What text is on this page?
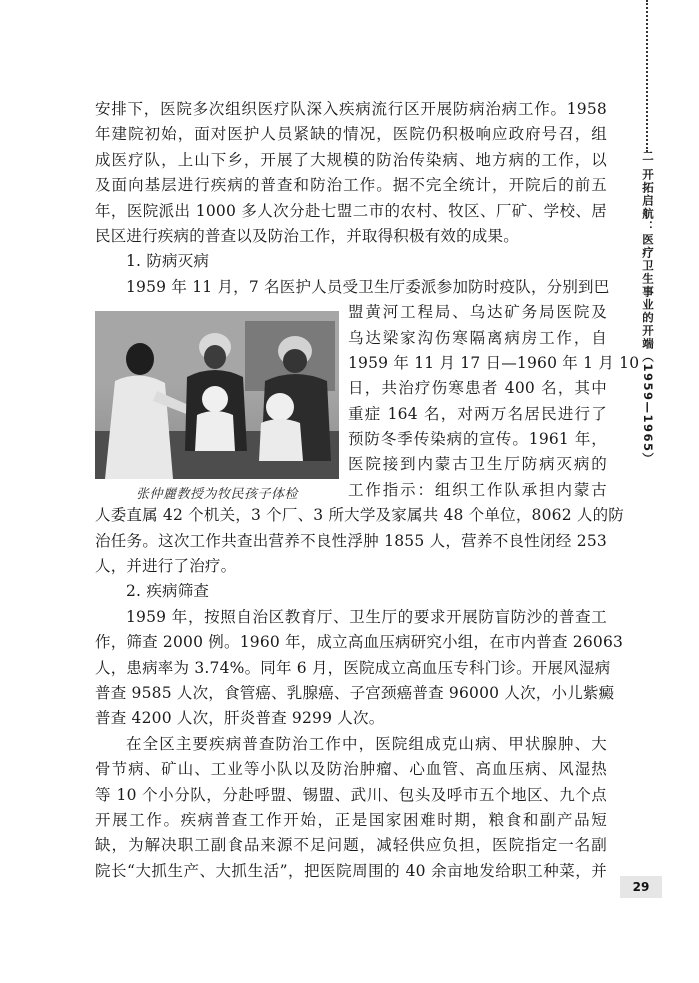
二 开拓启航：医疗卫生事业的开端（1959—1965）
29
张仲麗教授为牧民孩子体检
安排下，医院多次组织医疗队深入疾病流行区开展防病治病工作。1958
年建院初始，面对医护人员紧缺的情况，医院仍积极响应政府号召，组
成医疗队，上山下乡，开展了大规模的防治传染病、地方病的工作，以
及面向基层进行疾病的普查和防治工作。据不完全统计，开院后的前五
年，医院派出 1000 多人次分赴七盟二市的农村、牧区、厂矿、学校、居
民区进行疾病的普查以及防治工作，并取得积极有效的成果。
1. 防病灭病
1959 年 11 月，7 名医护人员受卫生厅委派参加防时疫队，分别到巴
盟黄河工程局、乌达矿务局医院及
乌达梁家沟伤寒隔离病房工作，自
1959 年 11 月 17 日—1960 年 1 月 10
日，共治疗伤寒患者 400 名，其中
重症 164 名，对两万名居民进行了
预防冬季传染病的宣传。1961 年，
医院接到内蒙古卫生厅防病灭病的
工作指示：组织工作队承担内蒙古
人委直属 42 个机关，3 个厂、3 所大学及家属共 48 个单位，8062 人的防
治任务。这次工作共查出营养不良性浮肿 1855 人，营养不良性闭经 253
人，并进行了治疗。
2. 疾病筛查
1959 年，按照自治区教育厅、卫生厅的要求开展防盲防沙的普查工
作，筛查 2000 例。1960 年，成立高血压病研究小组，在市内普查 26063
人，患病率为 3.74%。同年 6 月，医院成立高血压专科门诊。开展风湿病
普查 9585 人次，食管癌、乳腺癌、子宫颈癌普查 96000 人次，小儿紫癜
普查 4200 人次，肝炎普查 9299 人次。
在全区主要疾病普查防治工作中，医院组成克山病、甲状腺肿、大
骨节病、矿山、工业等小队以及防治肿瘤、心血管、高血压病、风湿热
等 10 个小分队，分赴呼盟、锡盟、武川、包头及呼市五个地区、九个点
开展工作。疾病普查工作开始，正是国家困难时期，粮食和副产品短
缺，为解决职工副食品来源不足问题，减轻供应负担，医院指定一名副
院长“大抓生产、大抓生活”，把医院周围的 40 余亩地发给职工种菜，并
